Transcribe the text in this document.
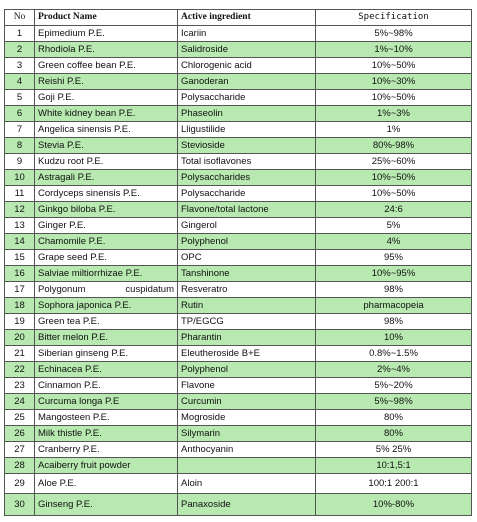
No	Product Name	Active ingredient	Specification
1	Epimedium P.E.	Icariin	5%~98%
2	Rhodiola P.E.	Salidroside	1%~10%
3	Green coffee bean P.E.	Chlorogenic acid	10%~50%
4	Reishi P.E.	Ganoderan	10%~30%
5	Goji P.E.	Polysaccharide	10%~50%
6	White kidney bean P.E.	Phaseolin	1%~3%
7	Angelica sinensis P.E.	Lligustilide	1%
8	Stevia P.E.	Stevioside	80%-98%
9	Kudzu root P.E.	Total isoflavones	25%~60%
10	Astragali P.E.	Polysaccharides	10%~50%
11	Cordyceps sinensis P.E.	Polysaccharide	10%~50%
12	Ginkgo biloba P.E.	Flavone/total lactone	24:6
13	Ginger P.E.	Gingerol	5%
14	Chamomile P.E.	Polyphenol	4%
15	Grape seed P.E.	OPC	95%
16	Salviae miltiorrhizae P.E.	Tanshinone	10%~95%
17	Polygonum cuspidatum	Resveratro	98%
18	Sophora japonica P.E.	Rutin	pharmacopeia
19	Green tea P.E.	TP/EGCG	98%
20	Bitter melon P.E.	Pharantin	10%
21	Siberian ginseng P.E.	Eleutheroside B+E	0.8%~1.5%
22	Echinacea P.E.	Polyphenol	2%~4%
23	Cinnamon P.E.	Flavone	5%~20%
24	Curcuma longa P.E	Curcumin	5%~98%
25	Mangosteen P.E.	Mogroside	80%
26	Milk thistle P.E.	Silymarin	80%
27	Cranberry P.E.	Anthocyanin	5% 25%
28	Acaiberry fruit powder		10:1,5:1
29	Aloe P.E.	Aloin	100:1 200:1
30	Ginseng P.E.	Panaxoside	10%-80%
